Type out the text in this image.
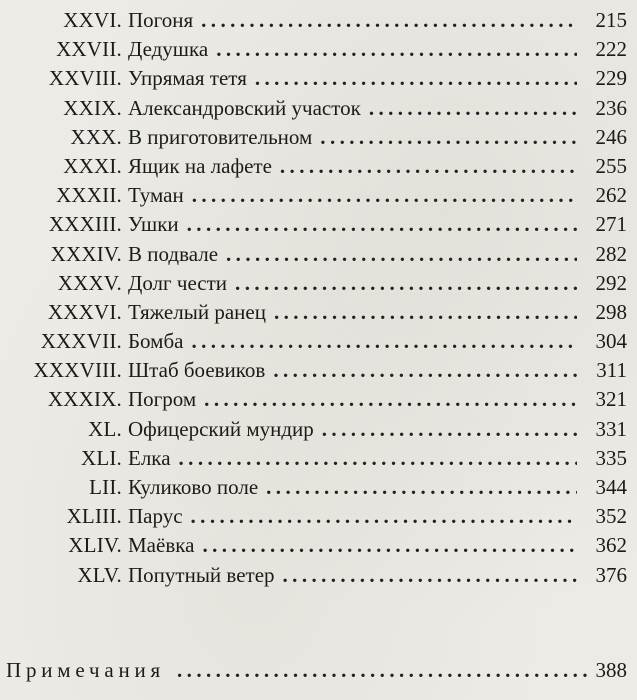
XXVI. Погоня .....	215
XXVII. Дедушка .....	222
XXVIII. Упрямая тетя .....	229
XXIX. Александровский участок .....	236
XXX. В приготовительном .....	246
XXXI. Ящик на лафете .....	255
XXXII. Туман .....	262
XXXIII. Ушки .....	271
XXXIV. В подвале .....	282
XXXV. Долг чести .....	292
XXXVI. Тяжелый ранец .....	298
XXXVII. Бомба .....	304
XXXVIII. Штаб боевиков .....	311
XXXIX. Погром .....	321
XL. Офицерский мундир .....	331
XLI. Елка .....	335
LII. Куликово поле .....	344
XLIII. Парус .....	352
XLIV. Маёвка .....	362
XLV. Попутный ветер .....	376
Примечания .....	388
